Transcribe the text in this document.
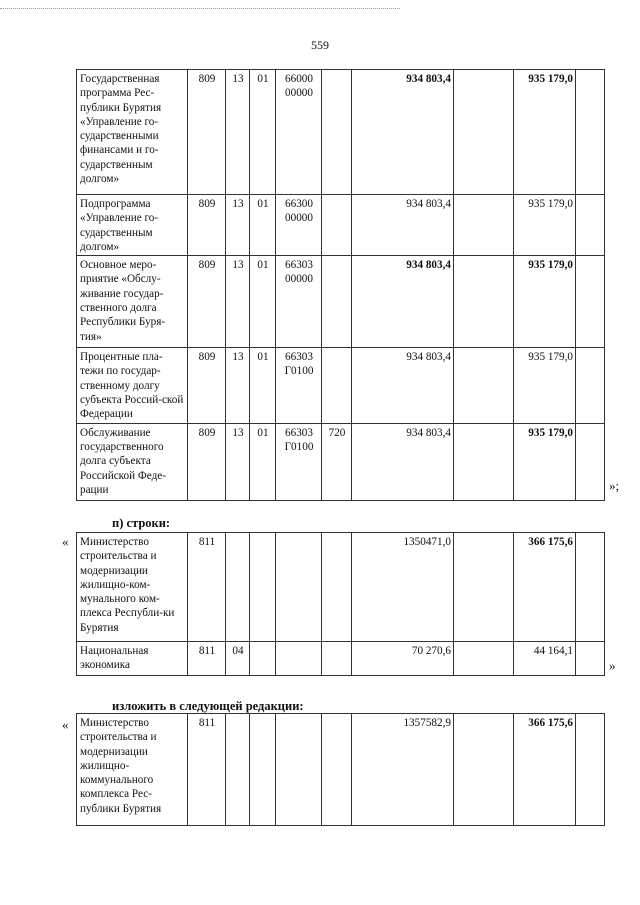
559
Государственная программа Рес-публики Бурятия «Управление го-сударственными финансами и го-сударственным долгом»	809	13	01	66000 00000		934 803,4		935 179,0	
Подпрограмма «Управление го-сударственным долгом»	809	13	01	66300 00000		934 803,4		935 179,0	
Основное меро-приятие «Обслу-живание государ-ственного долга Республики Буря-тия»	809	13	01	66303 00000		934 803,4		935 179,0	
Процентные пла-тежи по государ-ственному долгу субъекта Россий-ской Федерации	809	13	01	66303 Г0100		934 803,4		935 179,0	
Обслуживание государственного долга субъекта Российской Феде-рации	809	13	01	66303 Г0100	720	934 803,4		935 179,0	
»;
п) строки:
« Министерство строительства и модернизации жилищно-ком-мунального ком-плекса Республи-ки Бурятия	811					1350471,0		366 175,6	
Национальная экономика	811	04				70 270,6		44 164,1	
»
изложить в следующей редакции:
« Министерство строительства и модернизации жилищно-коммунального комплекса Рес-публики Бурятия	811					1357582,9		366 175,6	
